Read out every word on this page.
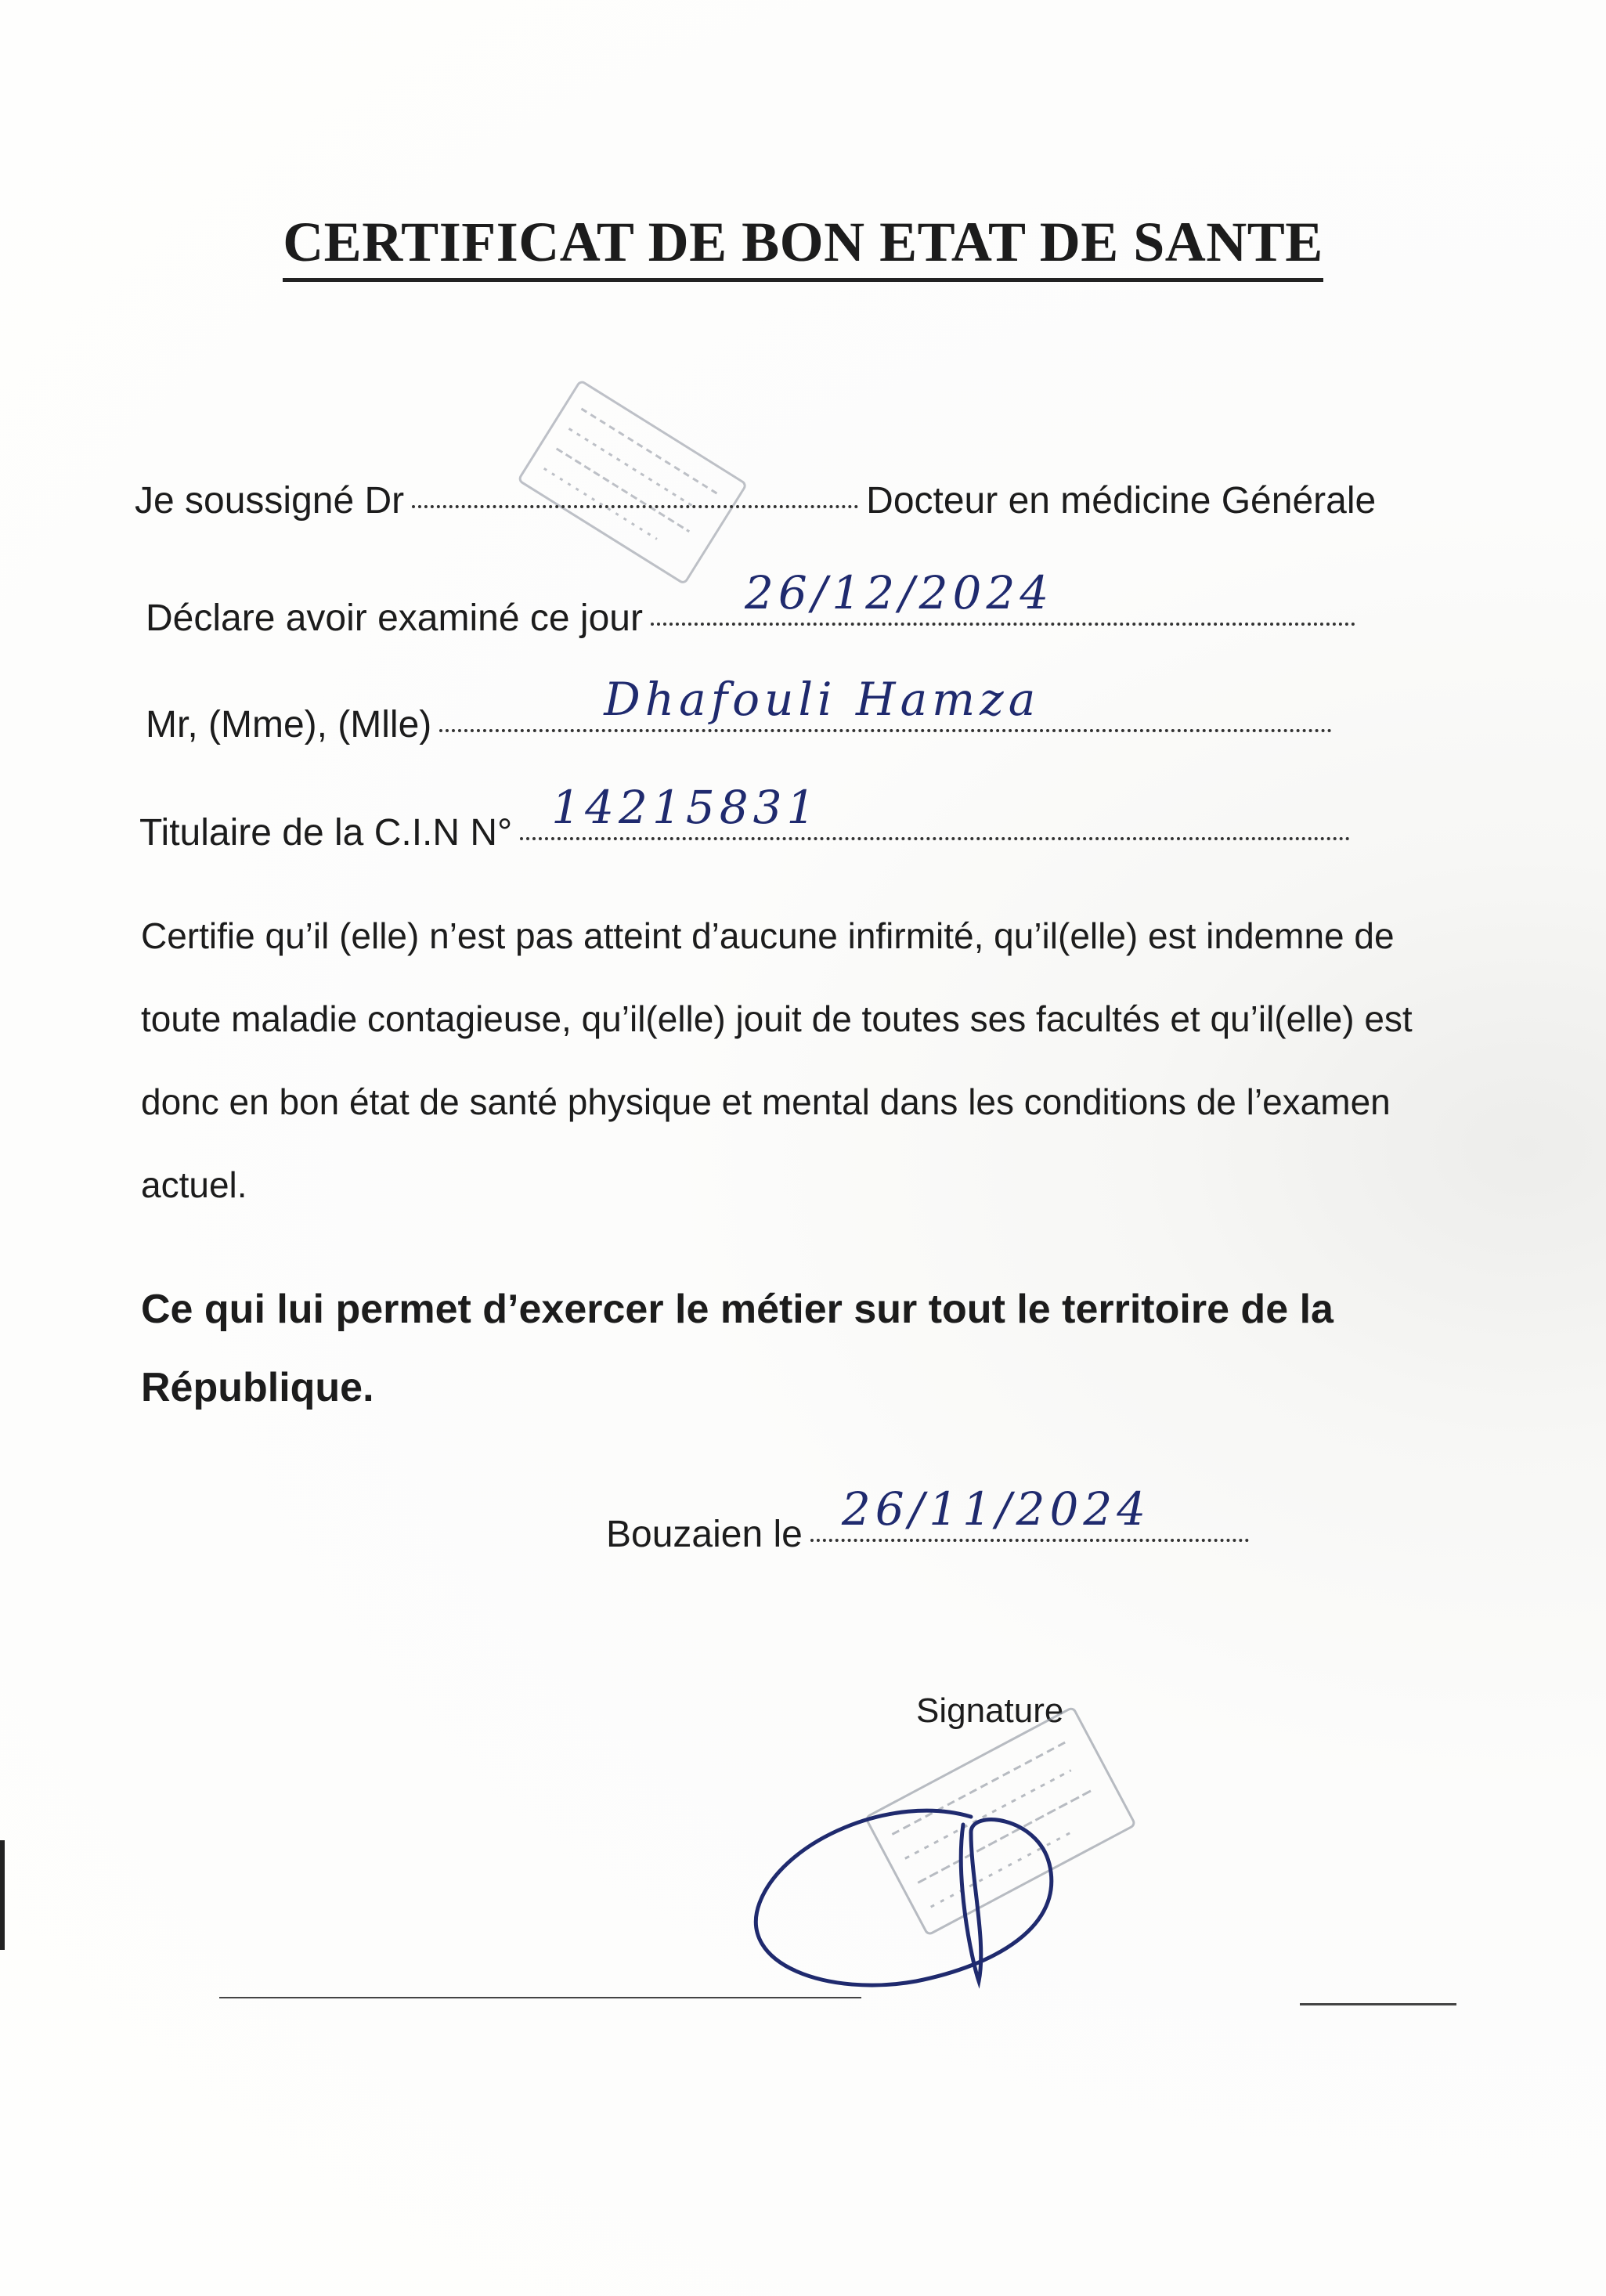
CERTIFICAT DE BON ETAT DE SANTE
Je soussigné Dr	Docteur en médicine Générale
Déclare avoir examiné ce jour 26/12/2024
Mr, (Mme), (Mlle)	Dhafouli Hamza
Titulaire de la C.I.N N° 14215831
Certifie qu’il (elle) n’est pas atteint d’aucune infirmité, qu’il(elle) est indemne de toute maladie contagieuse, qu’il(elle) jouit de toutes ses facultés et qu’il(elle) est donc en bon état de santé physique et mental dans les conditions de l’examen actuel.
Ce qui lui permet d’exercer le métier sur tout le territoire de la République.
Bouzaien le 26/11/2024
Signature
